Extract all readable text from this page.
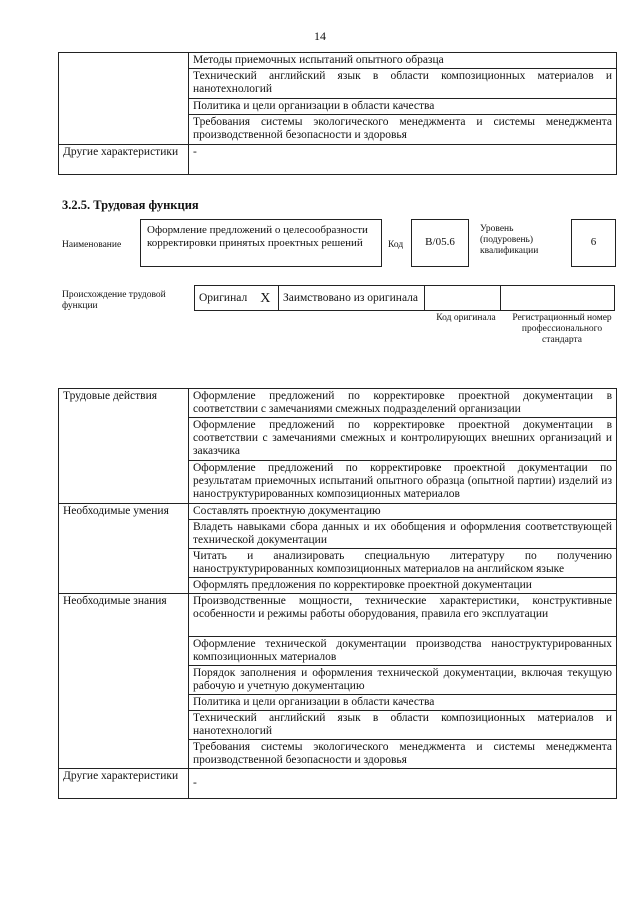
14
	Методы приемочных испытаний опытного образца
	Технический английский язык в области композиционных материалов и нанотехнологий
	Политика и цели организации в области качества
	Требования системы экологического менеджмента и системы менеджмента производственной безопасности и здоровья
Другие характеристики	-
3.2.5. Трудовая функция
Наименование
Оформление предложений о целесообразности корректировки принятых проектных решений	Код	В/05.6
Уровень (подуровень) квалификации
6
Происхождение трудовой функции
Оригинал	X	Заимствовано из оригинала		
Код оригинала	Регистрационный номер профессионального стандарта
Трудовые действия	Оформление предложений по корректировке проектной документации в соответствии с замечаниями смежных подразделений организации
	Оформление предложений по корректировке проектной документации в соответствии с замечаниями смежных и контролирующих внешних организаций и заказчика
	Оформление предложений по корректировке проектной документации по результатам приемочных испытаний опытного образца (опытной партии) изделий из наноструктурированных композиционных материалов
Необходимые умения	Составлять проектную документацию
	Владеть навыками сбора данных и их обобщения и оформления соответствующей технической документации
	Читать и анализировать специальную литературу по получению наноструктурированных композиционных материалов на английском языке
	Оформлять предложения по корректировке проектной документации
Необходимые знания	Производственные мощности, технические характеристики, конструктивные особенности и режимы работы оборудования, правила его эксплуатации
	Оформление технической документации производства наноструктурированных композиционных материалов
	Порядок заполнения и оформления технической документации, включая текущую рабочую и учетную документацию
	Политика и цели организации в области качества
	Технический английский язык в области композиционных материалов и нанотехнологий
	Требования системы экологического менеджмента и системы менеджмента производственной безопасности и здоровья
Другие характеристики	-
